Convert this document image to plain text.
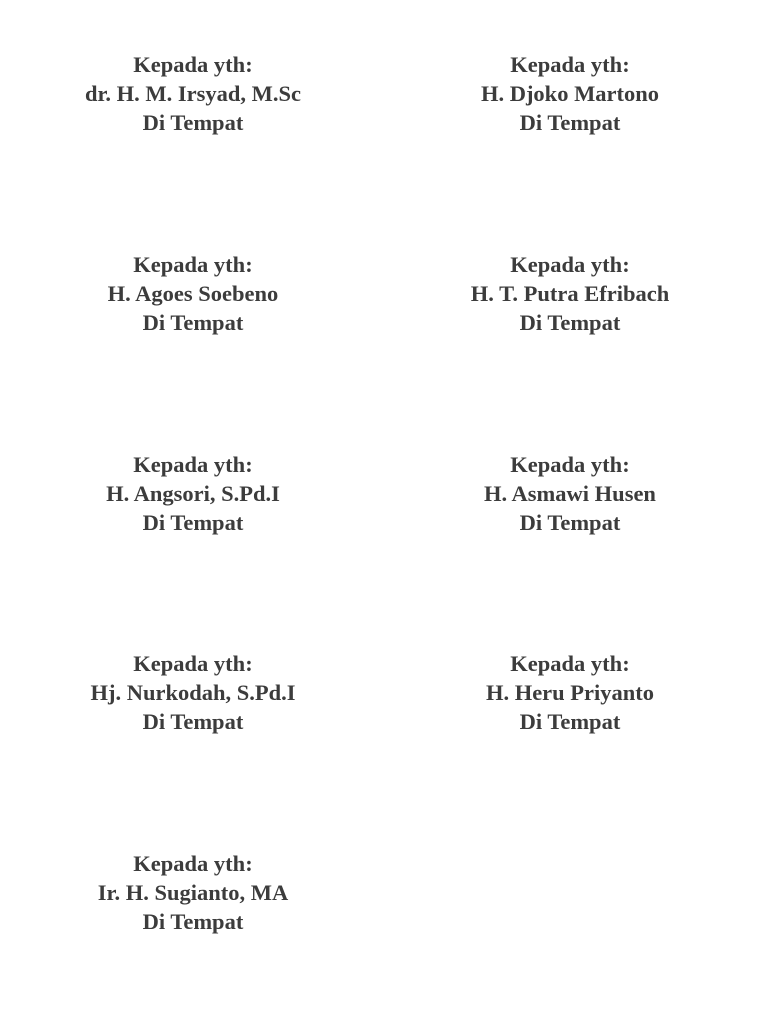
Kepada yth:
dr. H. M. Irsyad, M.Sc
Di Tempat
Kepada yth:
H. Djoko Martono
Di Tempat
Kepada yth:
H. Agoes Soebeno
Di Tempat
Kepada yth:
H. T. Putra Efribach
Di Tempat
Kepada yth:
H. Angsori, S.Pd.I
Di Tempat
Kepada yth:
H. Asmawi Husen
Di Tempat
Kepada yth:
Hj. Nurkodah, S.Pd.I
Di Tempat
Kepada yth:
H. Heru Priyanto
Di Tempat
Kepada yth:
Ir. H. Sugianto, MA
Di Tempat
